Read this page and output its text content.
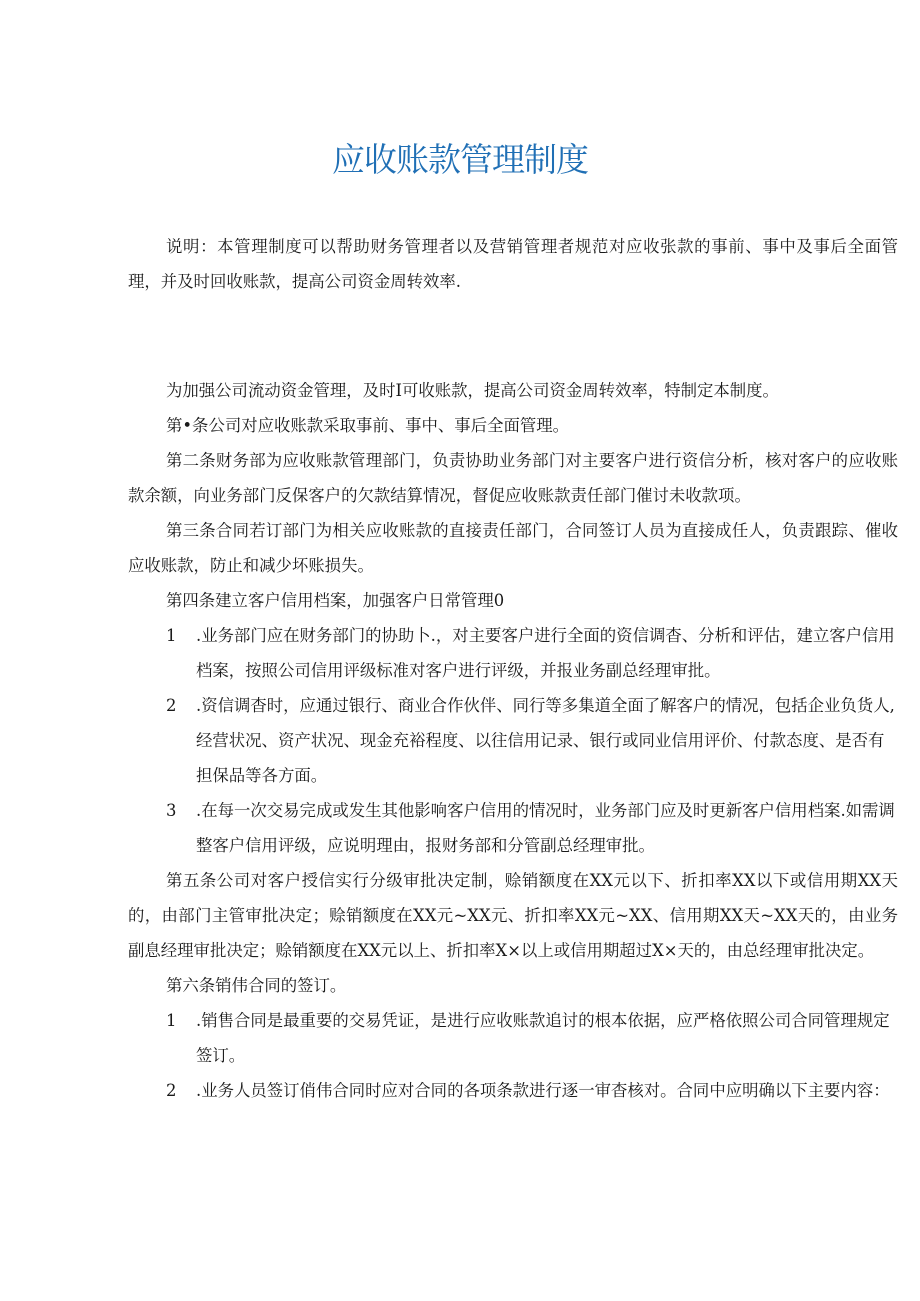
应收账款管理制度

说明：本管理制度可以帮助财务管理者以及营销管理者规范对应收张款的事前、事中及事后全面管理，并及时回收账款，提高公司资金周转效率.

为加强公司流动资金管理，及时I可收账款，提高公司资金周转效率，特制定本制度。

第•条公司对应收账款采取事前、事中、事后全面管理。

第二条财务部为应收账款管理部门，负责协助业务部门对主要客户进行资信分析，核对客户的应收账款余额，向业务部门反保客户的欠款结算情况，督促应收账款责任部门催讨未收款项。

第三条合同若订部门为相关应收账款的直接责任部门，合同签订人员为直接成任人，负责跟踪、催收应收账款，防止和减少坏账损失。

第四条建立客户信用档案，加强客户日常管理0

1	.业务部门应在财务部门的协助卜.，对主要客户进行全面的资信调杳、分析和评估，建立客户信用档案，按照公司信用评级标准对客户进行评级，并报业务副总经理审批。
2	.资信调杳时，应通过银行、商业合作伙伴、同行等多集道全面了解客户的情况，包括企业负货人,经营状况、资产状况、现金充裕程度、以往信用记录、银行或同业信用评价、付款态度、是否有担保品等各方面。
3	.在每一次交易完成或发生其他影响客户信用的情况时，业务部门应及时更新客户信用档案.如需调整客户信用评级，应说明理由，报财务部和分管副总经理审批。

第五条公司对客户授信实行分级审批决定制，赊销额度在XX元以下、折扣率XX以下或信用期XX天的，由部门主管审批决定；赊销额度在XX元~XX元、折扣率XX元~XX、信用期XX天~XX天的，由业务副息经理审批决定；赊销额度在XX元以上、折扣率X×以上或信用期超过X×天的，由总经理审批决定。

第六条销伟合同的签订。

1	.销售合同是最重要的交易凭证，是进行应收账款追讨的根本依据，应严格依照公司合同管理规定签订。
2	.业务人员签订俏伟合同时应对合同的各项条款进行逐一审杳核对。合同中应明确以下主要内容：
